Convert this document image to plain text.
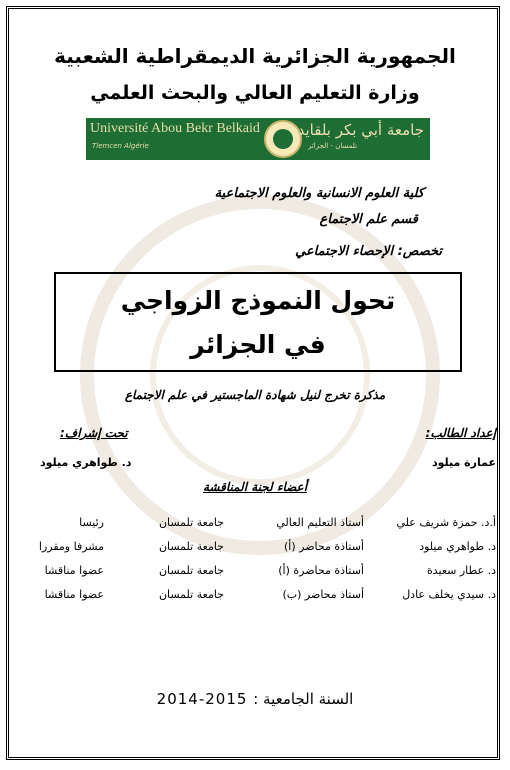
الجمهورية الجزائرية الديمقراطية الشعبية
وزارة التعليم العالي والبحث العلمي
Université Abou Bekr Belkaid
Tlemcen Algérie
جامعة أبي بكر بلقايد
تلمسان - الجزائر
كلية العلوم الانسانية والعلوم الاجتماعية
قسم علم الاجتماع
تخصص: الإحصاء الاجتماعي
تحول النموذج الزواجي
في الجزائر
مذكرة تخرج لنيل شهادة الماجستير في علم الاجتماع
إعداد الطالب:
عمارة ميلود
تحت إشراف:
د. طواهري ميلود
أعضاء لجنة المناقشة
أ.د. حمزة شريف علي
أستاذ التعليم العالي
جامعة تلمسان
رئيسا
د. طواهري ميلود
أستاذة محاضر (أ)
جامعة تلمسان
مشرفا ومقررا
د. عطار سعيدة
أستاذة محاضرة (أ)
جامعة تلمسان
عضوا مناقشا
د. سيدي يخلف عادل
أستاذ محاضر (ب)
جامعة تلمسان
عضوا مناقشا
2014-2015 السنة الجامعية :
